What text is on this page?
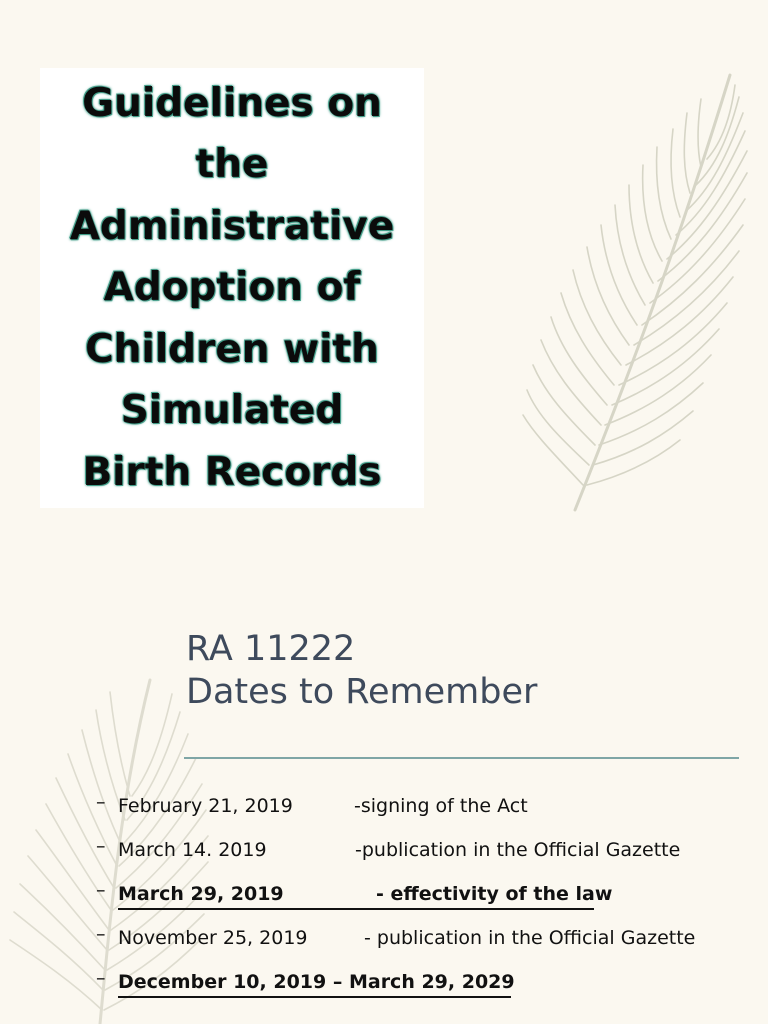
Guidelines on
the
Administrative
Adoption of
Children with
Simulated
Birth Records
RA 11222
Dates to Remember
– February 21, 2019	-signing of the Act
– March 14. 2019	-publication in the Official Gazette
– March 29, 2019	- effectivity of the law
– November 25, 2019	- publication in the Official Gazette
– December 10, 2019 – March 29, 2029
